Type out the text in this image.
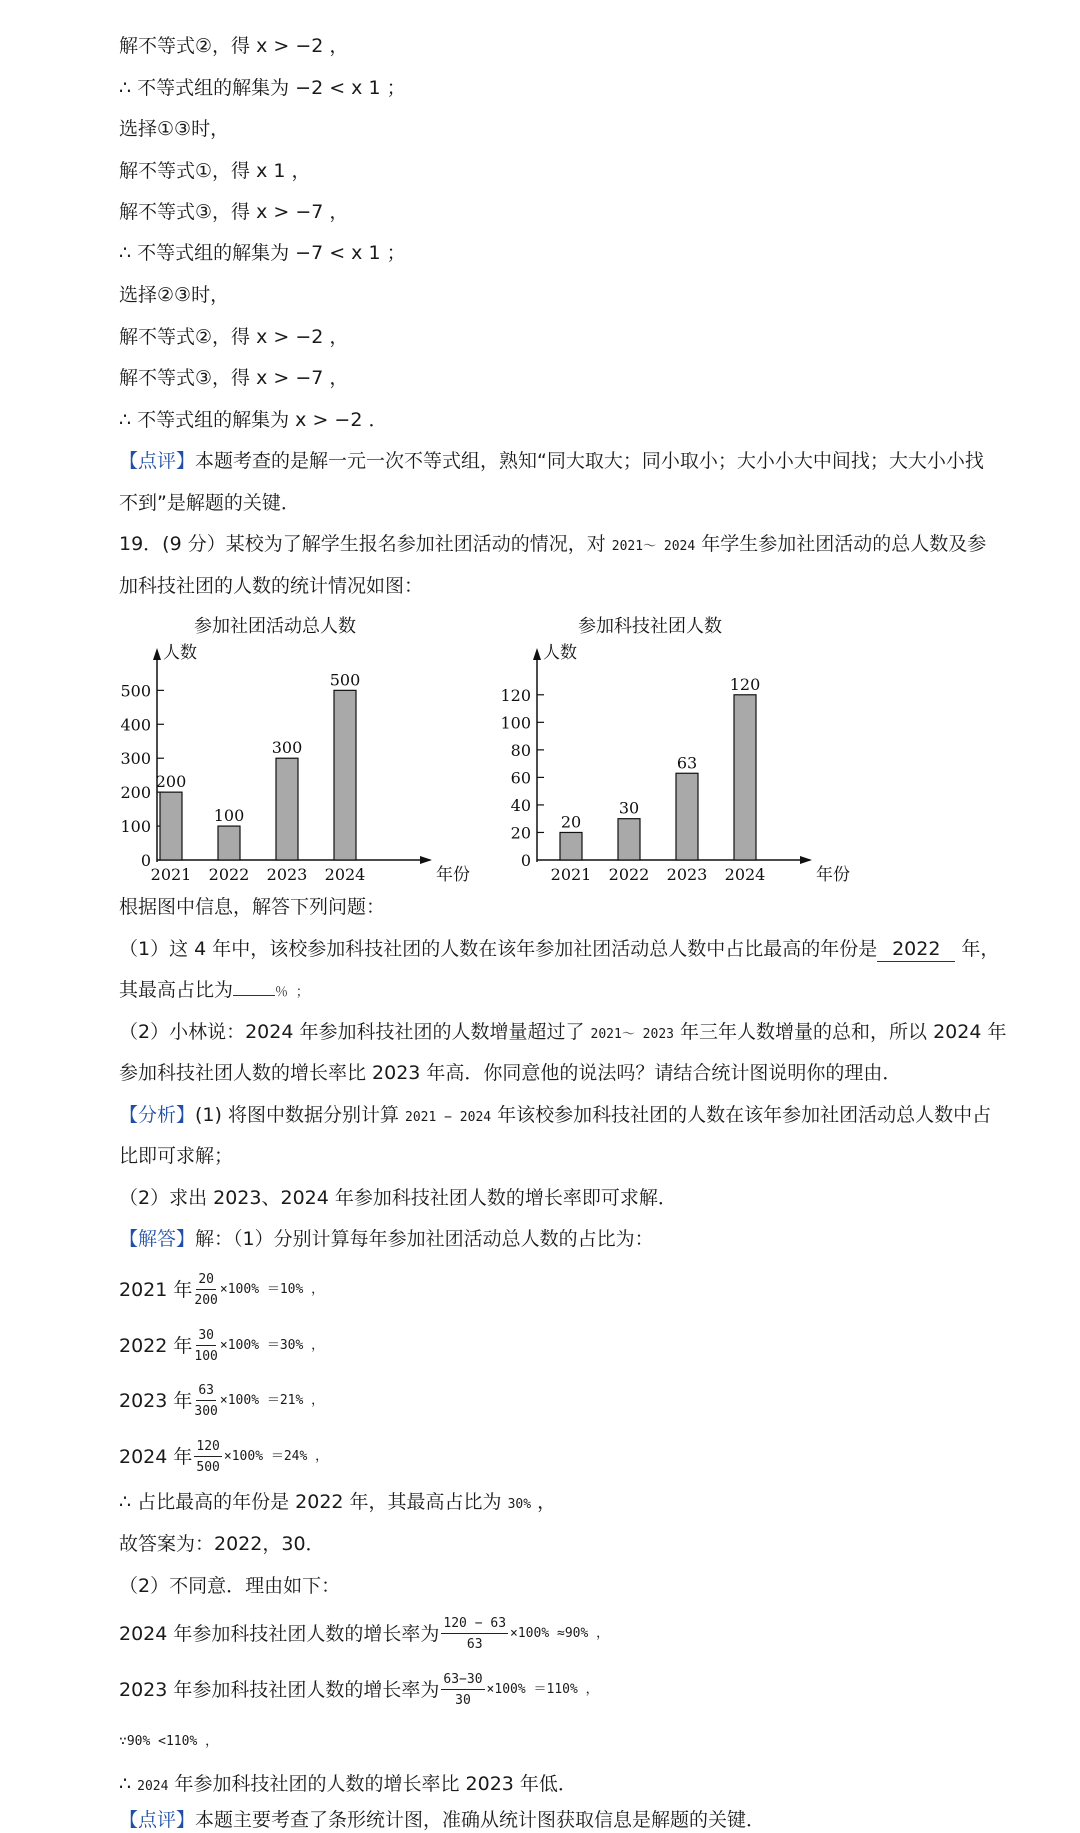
解不等式②，得 x > −2 ，
∴ 不等式组的解集为 −2 < x 1 ；
选择①③时，
解不等式①，得 x 1 ，
解不等式③，得 x > −7 ，
∴ 不等式组的解集为 −7 < x 1 ；
选择②③时，
解不等式②，得 x > −2 ，
解不等式③，得 x > −7 ，
∴ 不等式组的解集为 x > −2 ．
【点评】本题考查的是解一元一次不等式组，熟知“同大取大；同小取小；大小小大中间找；大大小小找
不到”是解题的关键．
19．(9 分）某校为了解学生报名参加社团活动的情况，对 2021～ 2024 年学生参加社团活动的总人数及参
加科技社团的人数的统计情况如图：
参加社团活动总人数
人数
年份
0
100
200
300
400
500
200
2021
100
2022
300
2023
500
2024
参加科技社团人数
人数
年份
0
20
40
60
80
100
120
20
2021
30
2022
63
2023
120
2024
根据图中信息，解答下列问题：
（1）这 4 年中，该校参加科技社团的人数在该年参加社团活动总人数中占比最高的年份是 2022 年，
其最高占比为	％ ；
（2）小林说：2024 年参加科技社团的人数增量超过了 2021～ 2023 年三年人数增量的总和，所以 2024 年
参加科技社团人数的增长率比 2023 年高．你同意他的说法吗？请结合统计图说明你的理由．
【分析】(1) 将图中数据分别计算 2021 − 2024 年该校参加科技社团的人数在该年参加社团活动总人数中占
比即可求解；
（2）求出 2023、2024 年参加科技社团人数的增长率即可求解．
【解答】解：（1）分别计算每年参加社团活动总人数的占比为：
2021 年 $\frac{20}{200} \times 100\% =10\%$ ，
2022 年 $\frac{30}{100} \times 100\% =30\%$ ，
2023 年 $\frac{63}{300} \times 100\% =21\%$ ，
2024 年 $\frac{120}{500} \times 100\% =24\%$ ，
∴ 占比最高的年份是 2022 年，其最高占比为 30% ，
故答案为：2022，30．
（2）不同意．理由如下：
2024 年参加科技社团人数的增长率为 $\frac{120 - 63}{63} \times 100\% \approx 90\%$ ，
2023 年参加科技社团人数的增长率为 $\frac{63-30}{30} \times 100\% =110\%$ ，
∵90% <110% ，
∴ 2024 年参加科技社团的人数的增长率比 2023 年低．
【点评】本题主要考查了条形统计图，准确从统计图获取信息是解题的关键．
